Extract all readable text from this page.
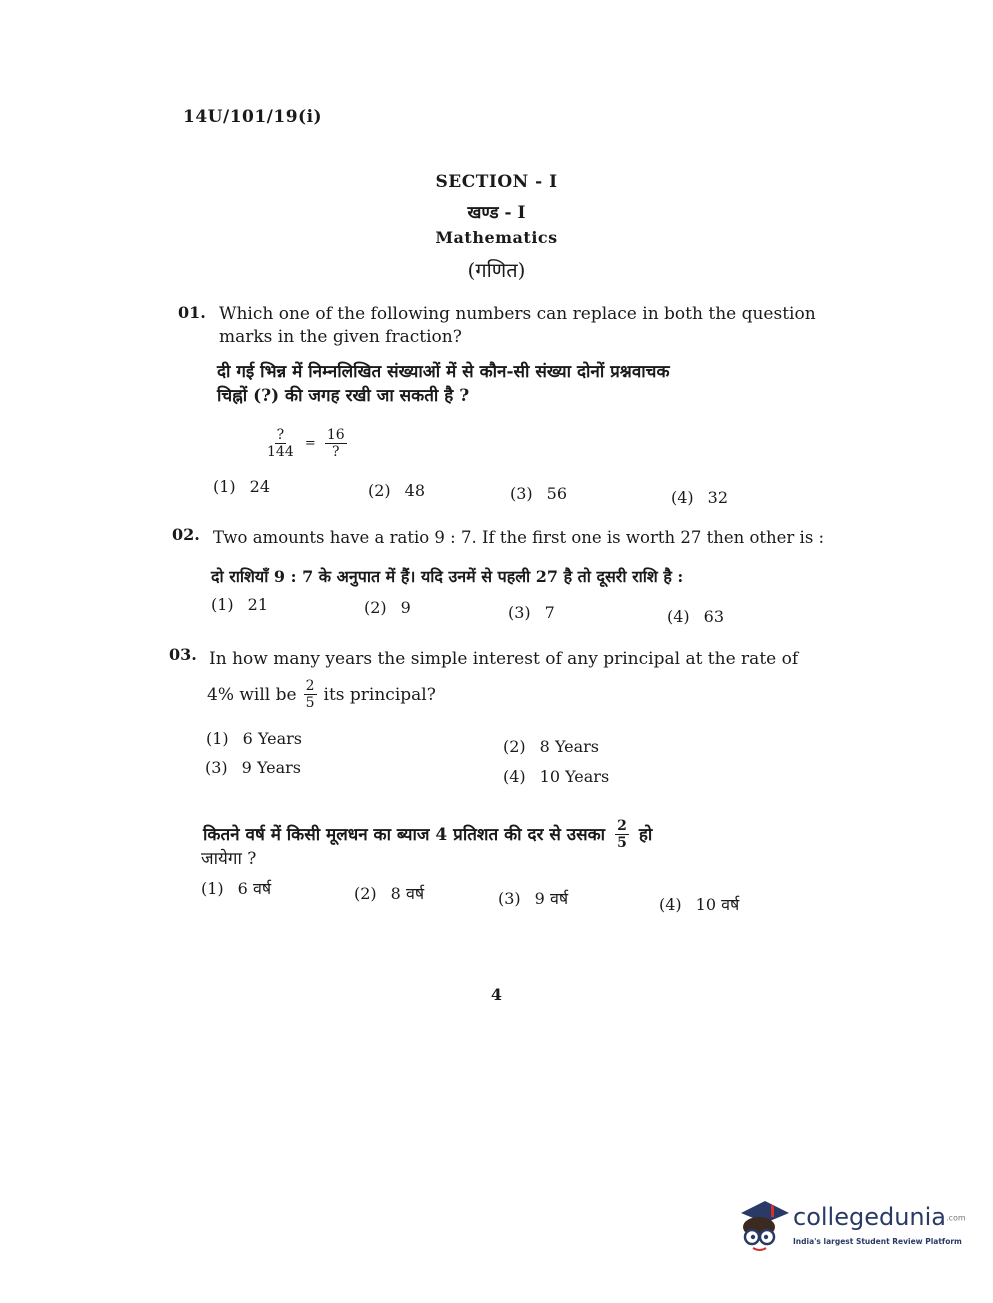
14U/101/19(i)
SECTION - I
खण्ड - I
Mathematics
(गणित)
01. Which one of the following numbers can replace in both the question
marks in the given fraction?
दी गई भिन्न में निम्नलिखित संख्याओं में से कौन-सी संख्या दोनों प्रश्नवाचक
चिह्नों (?) की जगह रखी जा सकती है ?
$\frac{?}{144} = \frac{16}{?}$
(1) 24	(2) 48	(3) 56	(4) 32
02. Two amounts have a ratio 9 : 7. If the first one is worth 27 then other is :
दो राशियाँ 9 : 7 के अनुपात में हैं। यदि उनमें से पहली 27 है तो दूसरी राशि है :
(1) 21	(2) 9	(3) 7	(4) 63
03. In how many years the simple interest of any principal at the rate of
4% will be $\frac{2}{5}$ its principal?
(1) 6 Years	(2) 8 Years
(3) 9 Years	(4) 10 Years
कितने वर्ष में किसी मूलधन का ब्याज 4 प्रतिशत की दर से उसका $\frac{2}{5}$ हो
जायेगा ?
(1) 6 वर्ष	(2) 8 वर्ष	(3) 9 वर्ष	(4) 10 वर्ष
4
collegedunia.com
India's largest Student Review Platform
